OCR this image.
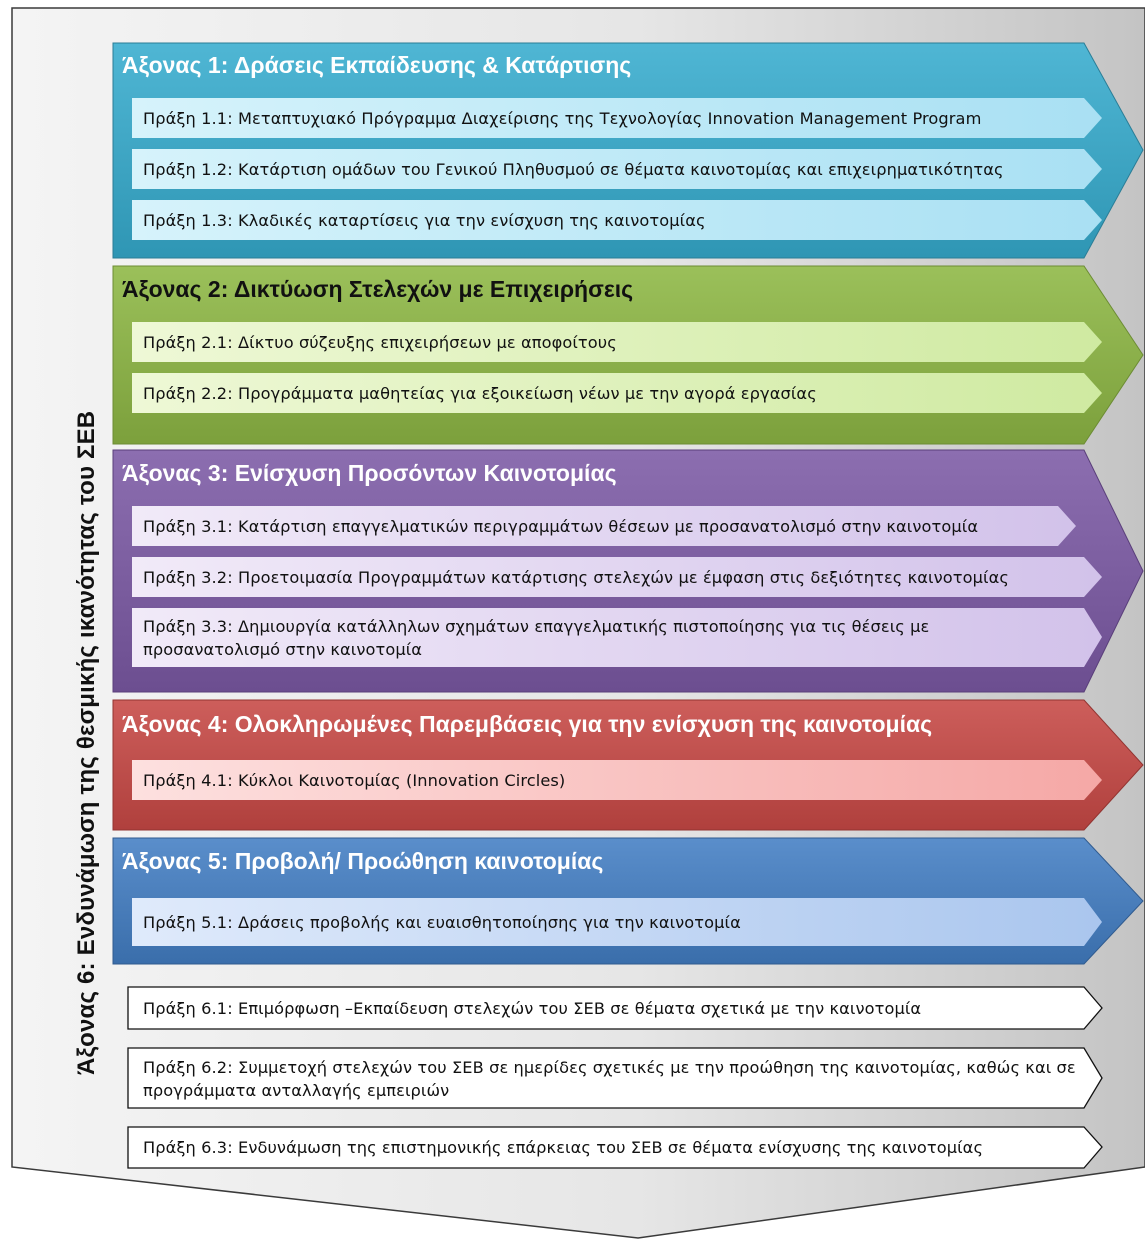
Άξονας 6: Ενδυνάμωση της θεσμικής ικανότητας του ΣΕΒ
Άξονας 1: Δράσεις Εκπαίδευσης & Κατάρτισης
Άξονας 2: Δικτύωση Στελεχών με Επιχειρήσεις
Άξονας 3: Ενίσχυση Προσόντων Καινοτομίας
Άξονας 4: Ολοκληρωμένες Παρεμβάσεις για την ενίσχυση της καινοτομίας
Άξονας 5: Προβολή/ Προώθηση καινοτομίας
Πράξη 1.1: Μεταπτυχιακό Πρόγραμμα Διαχείρισης της Τεχνολογίας Innovation Management Program
Πράξη 1.2: Κατάρτιση ομάδων του Γενικού Πληθυσμού σε θέματα καινοτομίας και επιχειρηματικότητας
Πράξη 1.3: Κλαδικές καταρτίσεις για την ενίσχυση της καινοτομίας
Πράξη 2.1: Δίκτυο σύζευξης επιχειρήσεων με αποφοίτους
Πράξη 2.2: Προγράμματα μαθητείας για εξοικείωση νέων με την αγορά εργασίας
Πράξη 3.1: Κατάρτιση επαγγελματικών περιγραμμάτων θέσεων με προσανατολισμό στην καινοτομία
Πράξη 3.2: Προετοιμασία Προγραμμάτων κατάρτισης στελεχών με έμφαση στις δεξιότητες καινοτομίας
Πράξη 3.3: Δημιουργία κατάλληλων σχημάτων επαγγελματικής πιστοποίησης για τις θέσεις με προσανατολισμό στην καινοτομία
Πράξη 4.1: Κύκλοι Καινοτομίας (Innovation Circles)
Πράξη 5.1: Δράσεις προβολής και ευαισθητοποίησης για την καινοτομία
Πράξη 6.1: Επιμόρφωση –Εκπαίδευση στελεχών του ΣΕΒ σε θέματα σχετικά με την καινοτομία
Πράξη 6.2: Συμμετοχή στελεχών του ΣΕΒ σε ημερίδες σχετικές με την προώθηση της καινοτομίας, καθώς και σε προγράμματα ανταλλαγής εμπειριών
Πράξη 6.3: Ενδυνάμωση της επιστημονικής επάρκειας του ΣΕΒ σε θέματα ενίσχυσης της καινοτομίας
